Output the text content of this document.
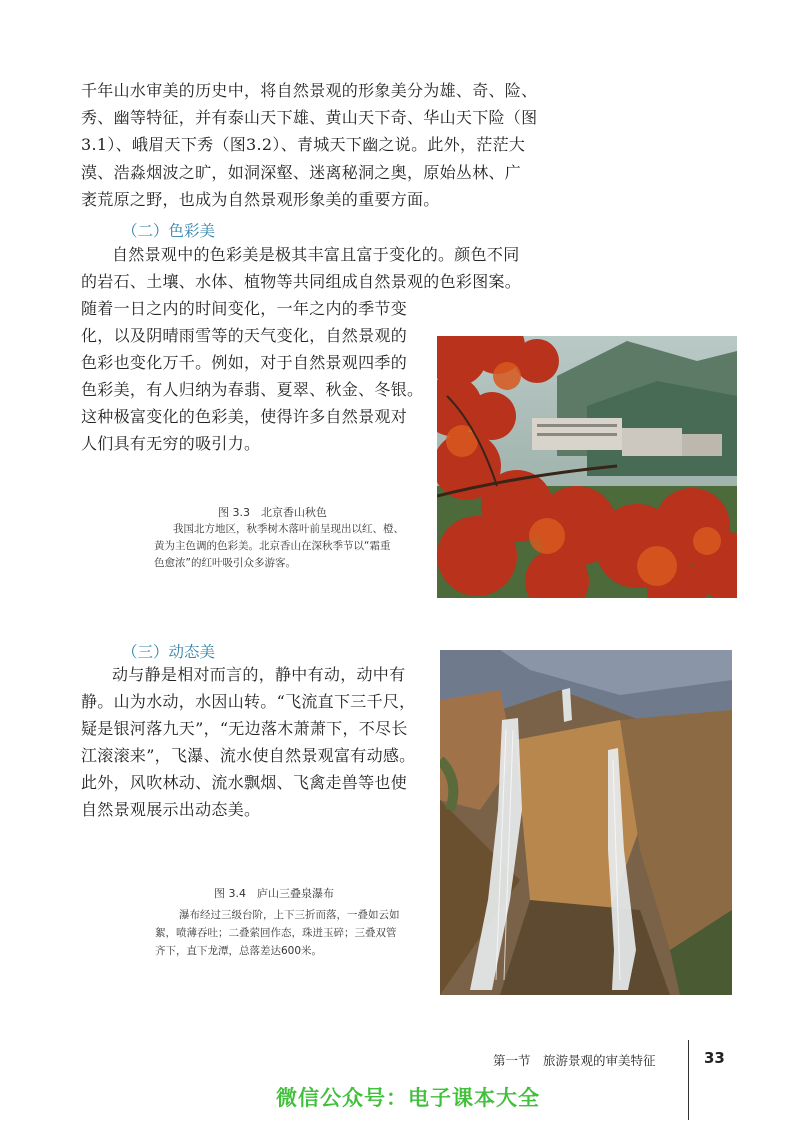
千年山水审美的历史中，将自然景观的形象美分为雄、奇、险、

秀、幽等特征，并有泰山天下雄、黄山天下奇、华山天下险（图

3.1）、峨眉天下秀（图3.2）、青城天下幽之说。此外，茫茫大

漠、浩淼烟波之旷，如洞深壑、迷离秘洞之奥，原始丛林、广

袤荒原之野，也成为自然景观形象美的重要方面。

（二）色彩美

自然景观中的色彩美是极其丰富且富于变化的。颜色不同

的岩石、土壤、水体、植物等共同组成自然景观的色彩图案。

随着一日之内的时间变化，一年之内的季节变

化，以及阴晴雨雪等的天气变化，自然景观的

色彩也变化万千。例如，对于自然景观四季的

色彩美，有人归纳为春翡、夏翠、秋金、冬银。

这种极富变化的色彩美，使得许多自然景观对

人们具有无穷的吸引力。

图 3.3　北京香山秋色
我国北方地区，秋季树木落叶前呈现出以红、橙、
黄为主色调的色彩美。北京香山在深秋季节以“霜重
色愈浓”的红叶吸引众多游客。
（三）动态美

动与静是相对而言的，静中有动，动中有

静。山为水动，水因山转。“飞流直下三千尺，

疑是银河落九天”，“无边落木萧萧下，不尽长

江滚滚来”，飞瀑、流水使自然景观富有动感。

此外，风吹林动、流水飘烟、飞禽走兽等也使

自然景观展示出动态美。

图 3.4　庐山三叠泉瀑布
瀑布经过三级台阶，上下三折而落，一叠如云如
絮，喷薄吞吐；二叠萦回作态，珠迸玉碎；三叠双管
齐下，直下龙潭，总落差达600米。
第一节　旅游景观的审美特征	33
微信公众号：电子课本大全
